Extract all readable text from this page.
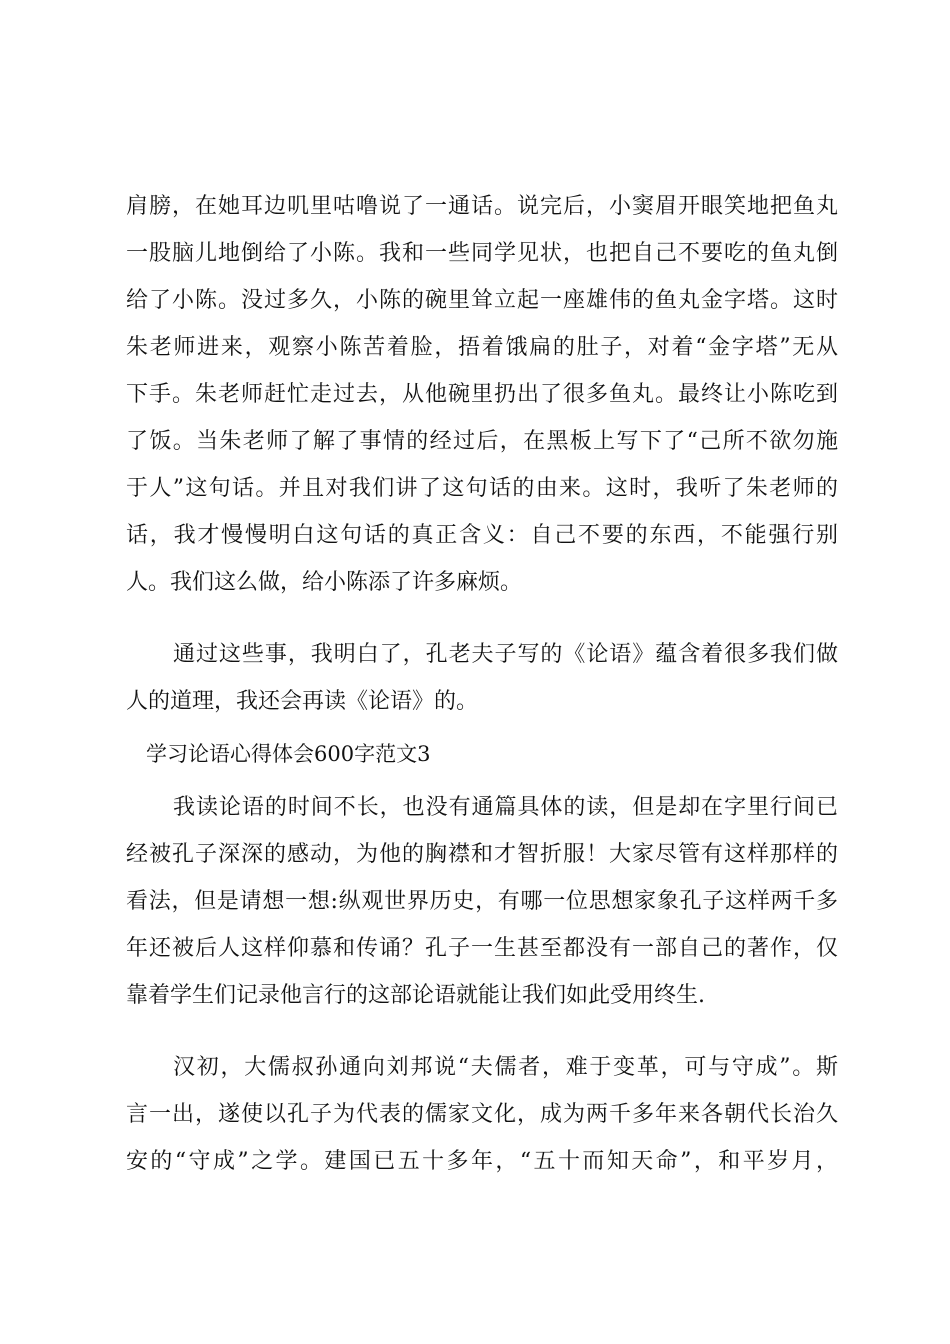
肩膀，在她耳边叽里咕噜说了一通话。说完后，小窦眉开眼笑地把鱼丸
一股脑儿地倒给了小陈。我和一些同学见状，也把自己不要吃的鱼丸倒
给了小陈。没过多久，小陈的碗里耸立起一座雄伟的鱼丸金字塔。这时
朱老师进来，观察小陈苦着脸，捂着饿扁的肚子，对着“金字塔”无从
下手。朱老师赶忙走过去，从他碗里扔出了很多鱼丸。最终让小陈吃到
了饭。当朱老师了解了事情的经过后，在黑板上写下了“己所不欲勿施
于人”这句话。并且对我们讲了这句话的由来。这时，我听了朱老师的
话，我才慢慢明白这句话的真正含义：自己不要的东西，不能强行别
人。我们这么做，给小陈添了许多麻烦。
通过这些事，我明白了，孔老夫子写的《论语》蕴含着很多我们做
人的道理，我还会再读《论语》的。
学习论语心得体会600字范文3
我读论语的时间不长，也没有通篇具体的读，但是却在字里行间已
经被孔子深深的感动，为他的胸襟和才智折服！大家尽管有这样那样的
看法，但是请想一想:纵观世界历史，有哪一位思想家象孔子这样两千多
年还被后人这样仰慕和传诵？孔子一生甚至都没有一部自己的著作，仅
靠着学生们记录他言行的这部论语就能让我们如此受用终生.
汉初，大儒叔孙通向刘邦说“夫儒者，难于变革，可与守成”。斯
言一出，遂使以孔子为代表的儒家文化，成为两千多年来各朝代长治久
安的“守成”之学。建国已五十多年，“五十而知天命”，和平岁月，
